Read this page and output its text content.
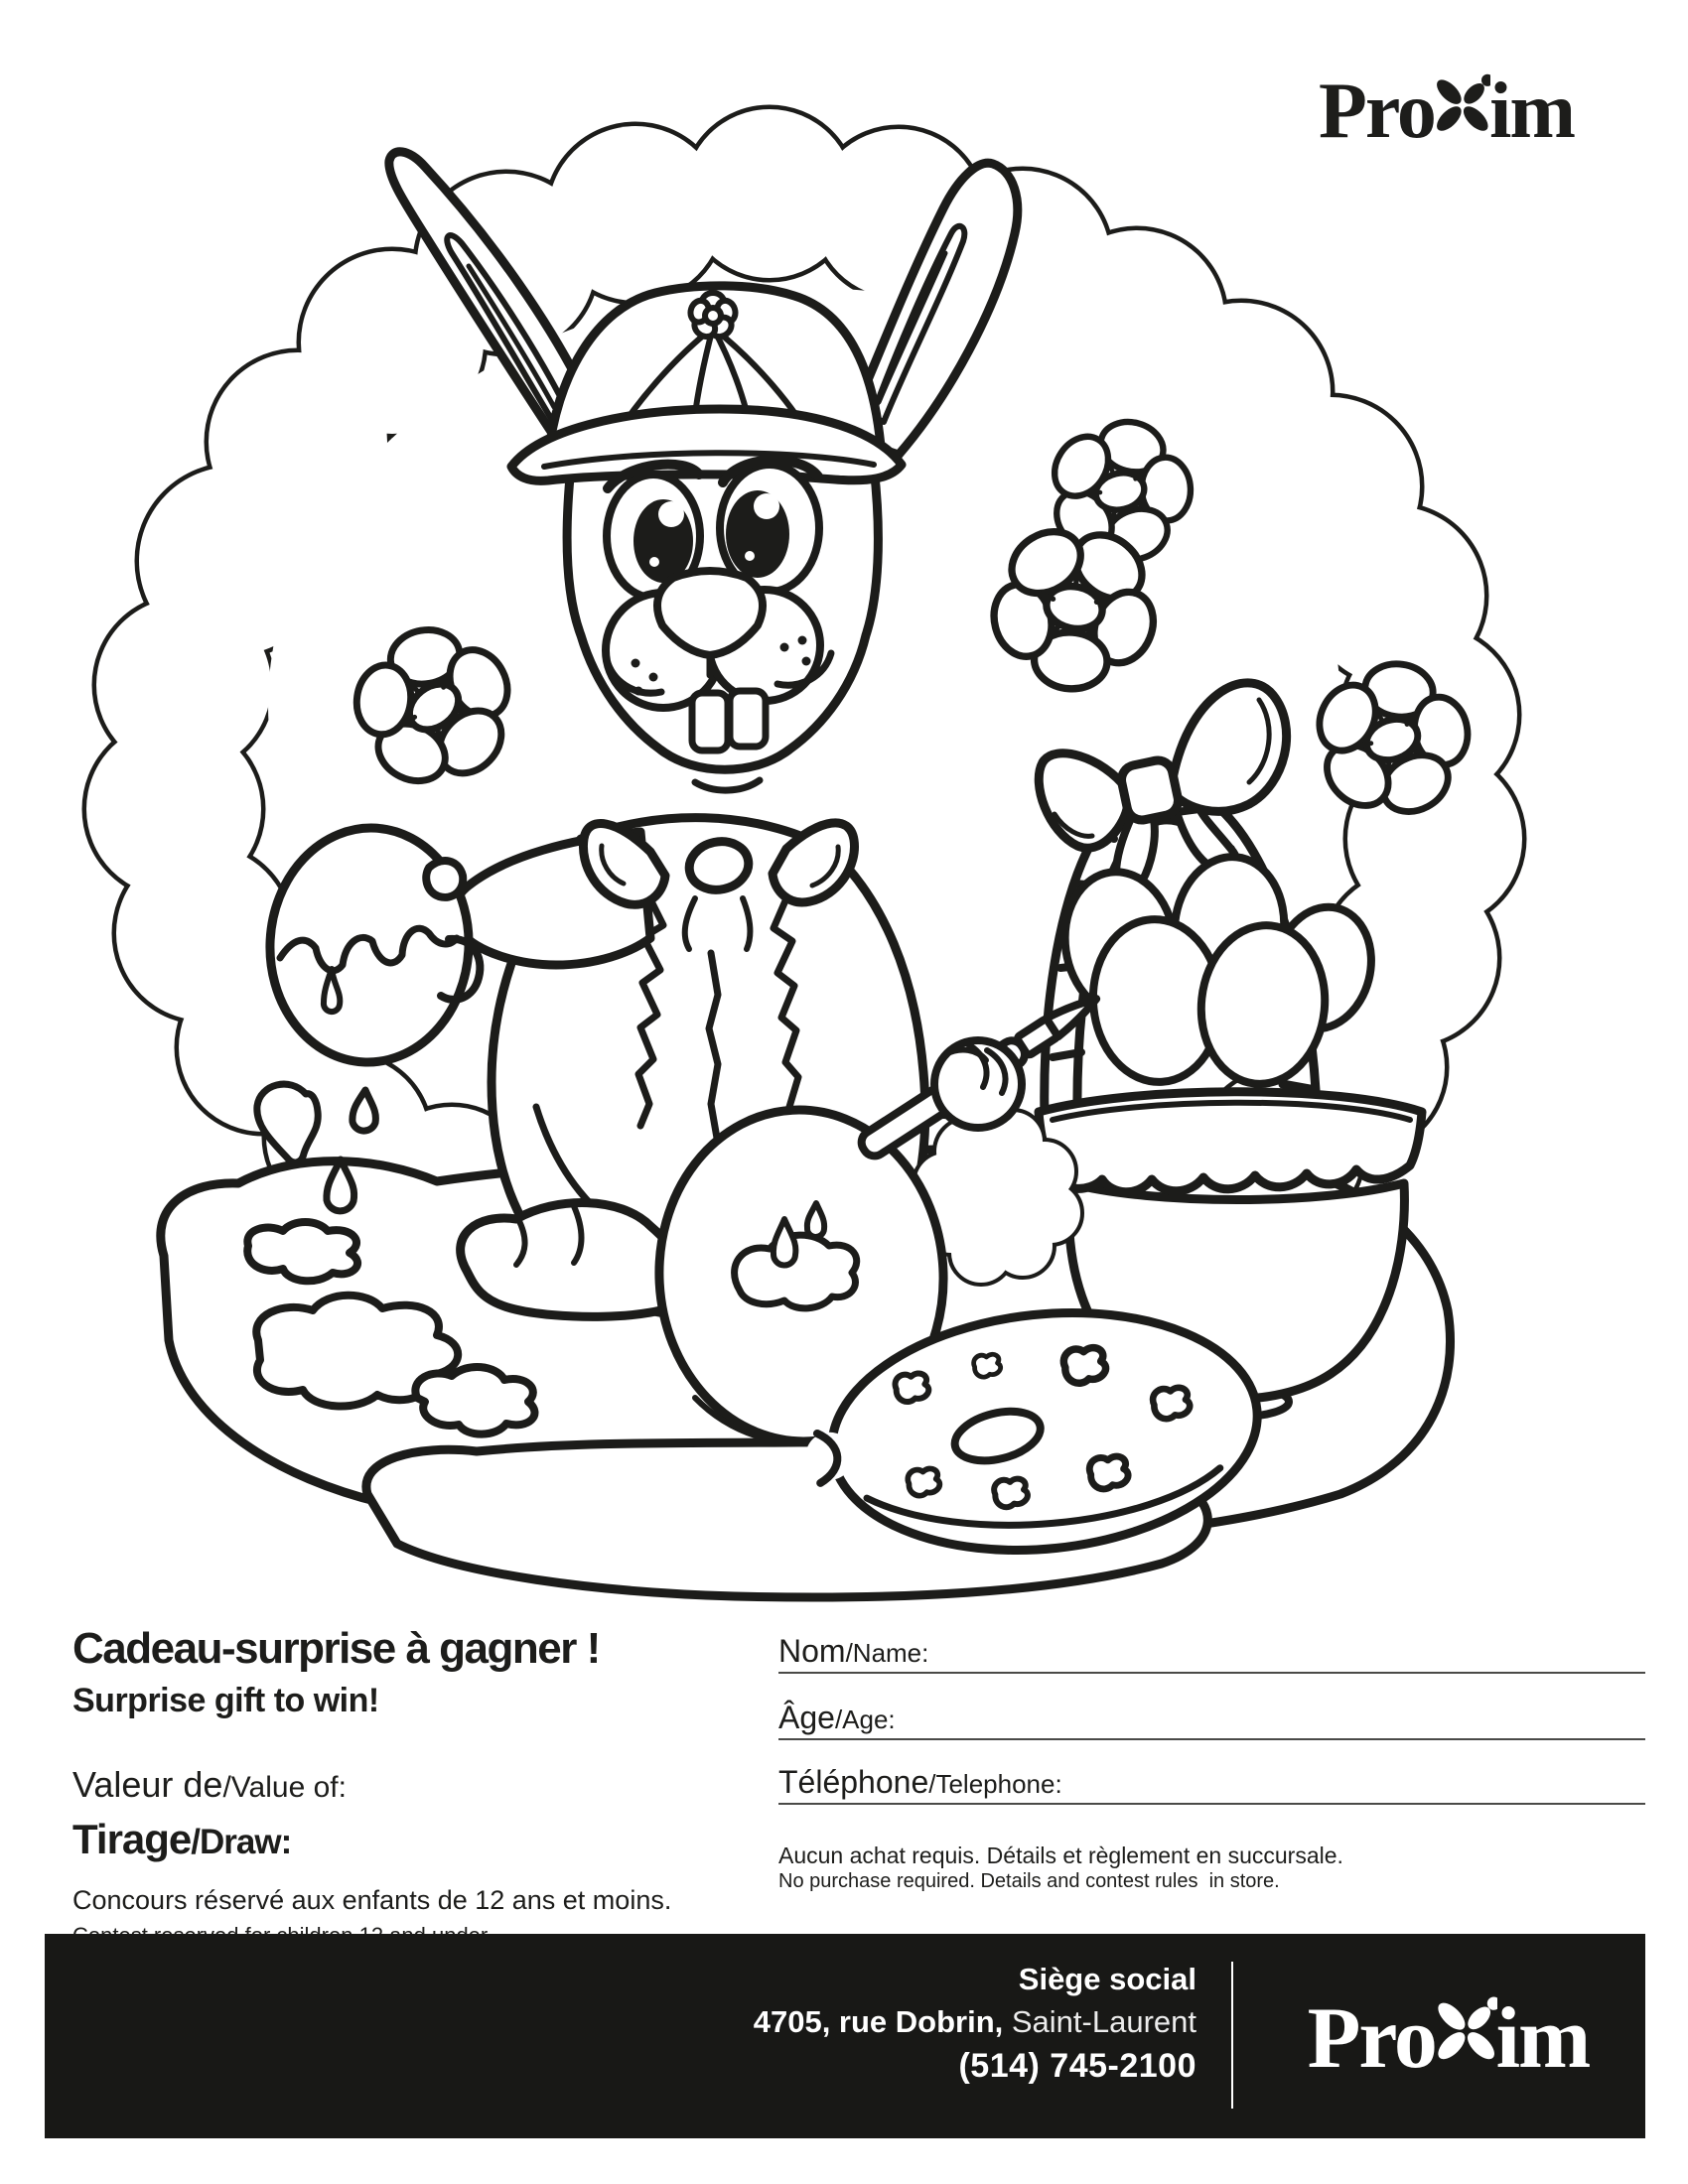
Pro im
Cadeau-surprise à gagner !
Surprise gift to win!
Valeur de/Value of:
Tirage/Draw:
Concours réservé aux enfants de 12 ans et moins.
Nom/Name:
Âge/Age:
Téléphone/Telephone:
Aucun achat requis. Détails et règlement en succursale.
No purchase required. Details and contest rules  in store.
Siège social
4705, rue Dobrin, Saint-Laurent
(514) 745-2100 Pro im
